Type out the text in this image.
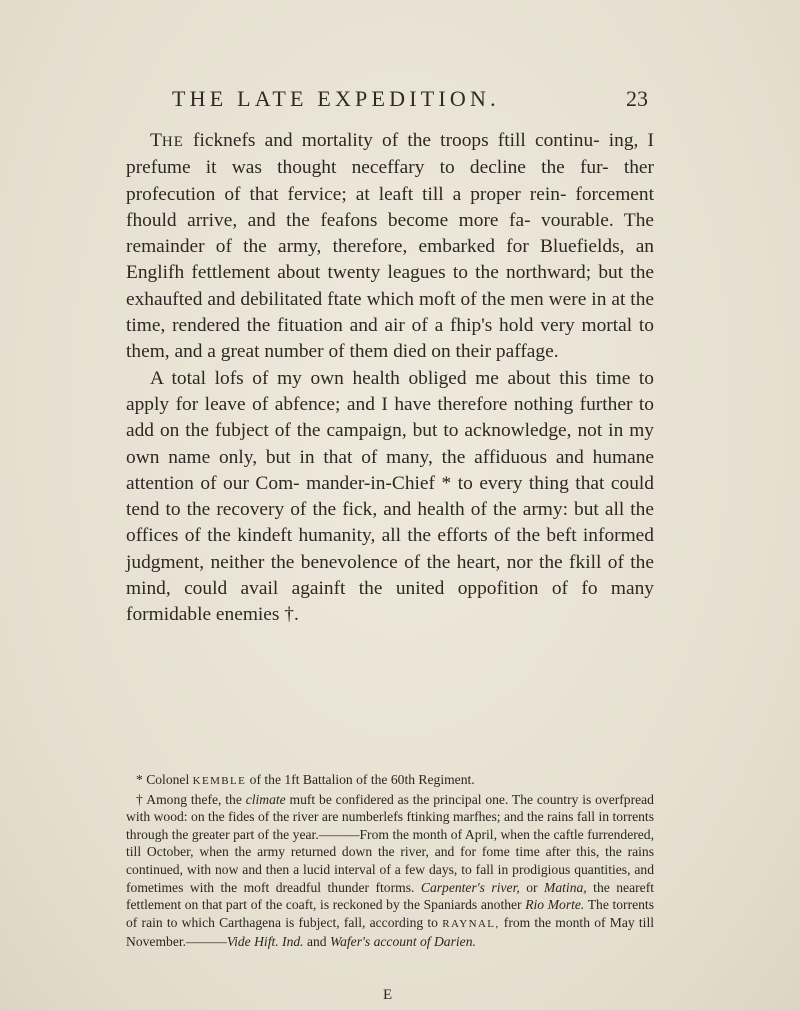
THE LATE EXPEDITION.	23

THE ficknefs and mortality of the troops ftill continu- ing, I prefume it was thought neceffary to decline the fur- ther profecution of that fervice; at leaft till a proper rein- forcement fhould arrive, and the feafons become more fa- vourable. The remainder of the army, therefore, embarked for Bluefields, an Englifh fettlement about twenty leagues to the northward; but the exhaufted and debilitated ftate which moft of the men were in at the time, rendered the fituation and air of a fhip's hold very mortal to them, and a great number of them died on their paffage.

A total lofs of my own health obliged me about this time to apply for leave of abfence; and I have therefore nothing further to add on the fubject of the campaign, but to acknowledge, not in my own name only, but in that of many, the affiduous and humane attention of our Com- mander-in-Chief * to every thing that could tend to the recovery of the fick, and health of the army: but all the offices of the kindeft humanity, all the efforts of the beft informed judgment, neither the benevolence of the heart, nor the fkill of the mind, could avail againft the united oppofition of fo many formidable enemies †.

* Colonel KEMBLE of the 1ft Battalion of the 60th Regiment.

† Among thefe, the climate muft be confidered as the principal one. The country is overfpread with wood: on the fides of the river are numberlefs ftinking marfhes; and the rains fall in torrents through the greater part of the year.———From the month of April, when the caftle furrendered, till October, when the army returned down the river, and for fome time after this, the rains continued, with now and then a lucid interval of a few days, to fall in prodigious quantities, and fometimes with the moft dreadful thunder ftorms. Carpenter's river, or Matina, the neareft fettlement on that part of the coaft, is reckoned by the Spaniards another Rio Morte. The torrents of rain to which Carthagena is fubject, fall, according to RAYNAL, from the month of May till November.———Vide Hift. Ind. and Wafer's account of Darien.

E
